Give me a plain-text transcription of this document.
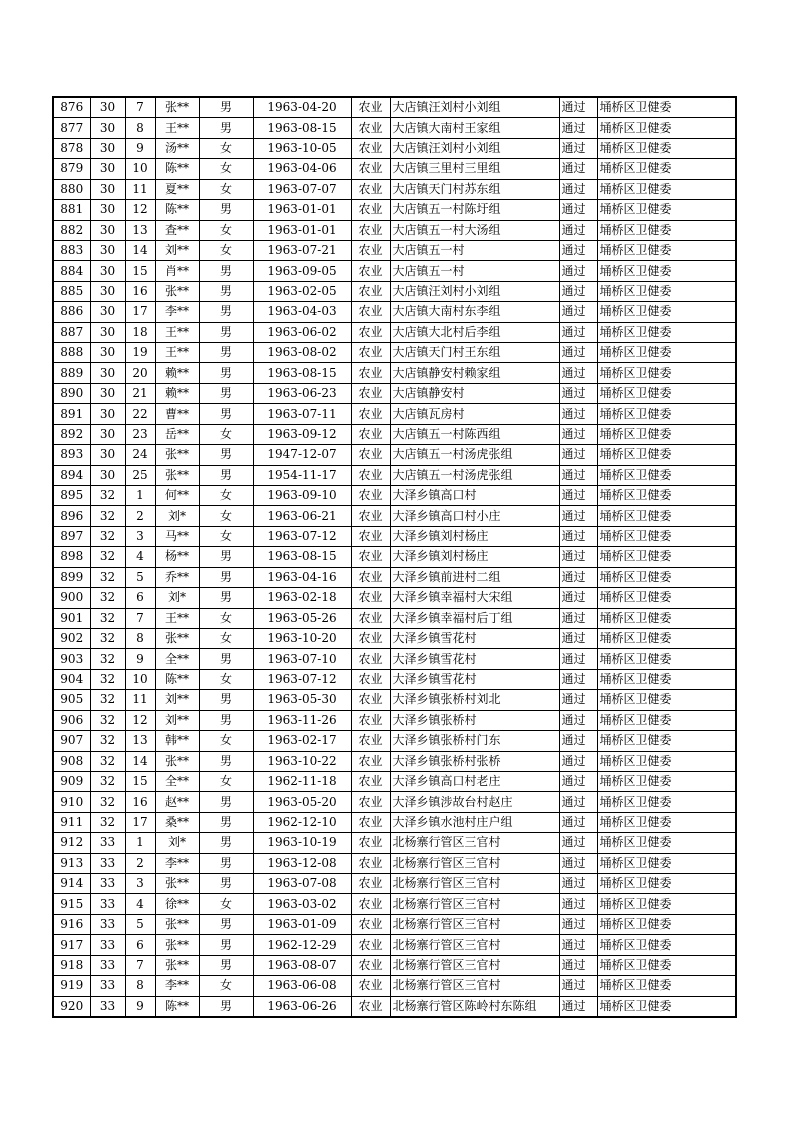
876	30	7	张**	男	1963-04-20	农业	大店镇汪刘村小刘组	通过	埇桥区卫健委
877	30	8	王**	男	1963-08-15	农业	大店镇大南村王家组	通过	埇桥区卫健委
878	30	9	汤**	女	1963-10-05	农业	大店镇汪刘村小刘组	通过	埇桥区卫健委
879	30	10	陈**	女	1963-04-06	农业	大店镇三里村三里组	通过	埇桥区卫健委
880	30	11	夏**	女	1963-07-07	农业	大店镇天门村苏东组	通过	埇桥区卫健委
881	30	12	陈**	男	1963-01-01	农业	大店镇五一村陈圩组	通过	埇桥区卫健委
882	30	13	查**	女	1963-01-01	农业	大店镇五一村大汤组	通过	埇桥区卫健委
883	30	14	刘**	女	1963-07-21	农业	大店镇五一村	通过	埇桥区卫健委
884	30	15	肖**	男	1963-09-05	农业	大店镇五一村	通过	埇桥区卫健委
885	30	16	张**	男	1963-02-05	农业	大店镇汪刘村小刘组	通过	埇桥区卫健委
886	30	17	李**	男	1963-04-03	农业	大店镇大南村东李组	通过	埇桥区卫健委
887	30	18	王**	男	1963-06-02	农业	大店镇大北村后李组	通过	埇桥区卫健委
888	30	19	王**	男	1963-08-02	农业	大店镇天门村王东组	通过	埇桥区卫健委
889	30	20	赖**	男	1963-08-15	农业	大店镇静安村赖家组	通过	埇桥区卫健委
890	30	21	赖**	男	1963-06-23	农业	大店镇静安村	通过	埇桥区卫健委
891	30	22	曹**	男	1963-07-11	农业	大店镇瓦房村	通过	埇桥区卫健委
892	30	23	岳**	女	1963-09-12	农业	大店镇五一村陈西组	通过	埇桥区卫健委
893	30	24	张**	男	1947-12-07	农业	大店镇五一村汤虎张组	通过	埇桥区卫健委
894	30	25	张**	男	1954-11-17	农业	大店镇五一村汤虎张组	通过	埇桥区卫健委
895	32	1	何**	女	1963-09-10	农业	大泽乡镇高口村	通过	埇桥区卫健委
896	32	2	刘*	女	1963-06-21	农业	大泽乡镇高口村小庄	通过	埇桥区卫健委
897	32	3	马**	女	1963-07-12	农业	大泽乡镇刘村杨庄	通过	埇桥区卫健委
898	32	4	杨**	男	1963-08-15	农业	大泽乡镇刘村杨庄	通过	埇桥区卫健委
899	32	5	乔**	男	1963-04-16	农业	大泽乡镇前进村二组	通过	埇桥区卫健委
900	32	6	刘*	男	1963-02-18	农业	大泽乡镇幸福村大宋组	通过	埇桥区卫健委
901	32	7	王**	女	1963-05-26	农业	大泽乡镇幸福村后丁组	通过	埇桥区卫健委
902	32	8	张**	女	1963-10-20	农业	大泽乡镇雪花村	通过	埇桥区卫健委
903	32	9	全**	男	1963-07-10	农业	大泽乡镇雪花村	通过	埇桥区卫健委
904	32	10	陈**	女	1963-07-12	农业	大泽乡镇雪花村	通过	埇桥区卫健委
905	32	11	刘**	男	1963-05-30	农业	大泽乡镇张桥村刘北	通过	埇桥区卫健委
906	32	12	刘**	男	1963-11-26	农业	大泽乡镇张桥村	通过	埇桥区卫健委
907	32	13	韩**	女	1963-02-17	农业	大泽乡镇张桥村门东	通过	埇桥区卫健委
908	32	14	张**	男	1963-10-22	农业	大泽乡镇张桥村张桥	通过	埇桥区卫健委
909	32	15	全**	女	1962-11-18	农业	大泽乡镇高口村老庄	通过	埇桥区卫健委
910	32	16	赵**	男	1963-05-20	农业	大泽乡镇涉故台村赵庄	通过	埇桥区卫健委
911	32	17	桑**	男	1962-12-10	农业	大泽乡镇水池村庄户组	通过	埇桥区卫健委
912	33	1	刘*	男	1963-10-19	农业	北杨寨行管区三官村	通过	埇桥区卫健委
913	33	2	李**	男	1963-12-08	农业	北杨寨行管区三官村	通过	埇桥区卫健委
914	33	3	张**	男	1963-07-08	农业	北杨寨行管区三官村	通过	埇桥区卫健委
915	33	4	徐**	女	1963-03-02	农业	北杨寨行管区三官村	通过	埇桥区卫健委
916	33	5	张**	男	1963-01-09	农业	北杨寨行管区三官村	通过	埇桥区卫健委
917	33	6	张**	男	1962-12-29	农业	北杨寨行管区三官村	通过	埇桥区卫健委
918	33	7	张**	男	1963-08-07	农业	北杨寨行管区三官村	通过	埇桥区卫健委
919	33	8	李**	女	1963-06-08	农业	北杨寨行管区三官村	通过	埇桥区卫健委
920	33	9	陈**	男	1963-06-26	农业	北杨寨行管区陈岭村东陈组	通过	埇桥区卫健委
